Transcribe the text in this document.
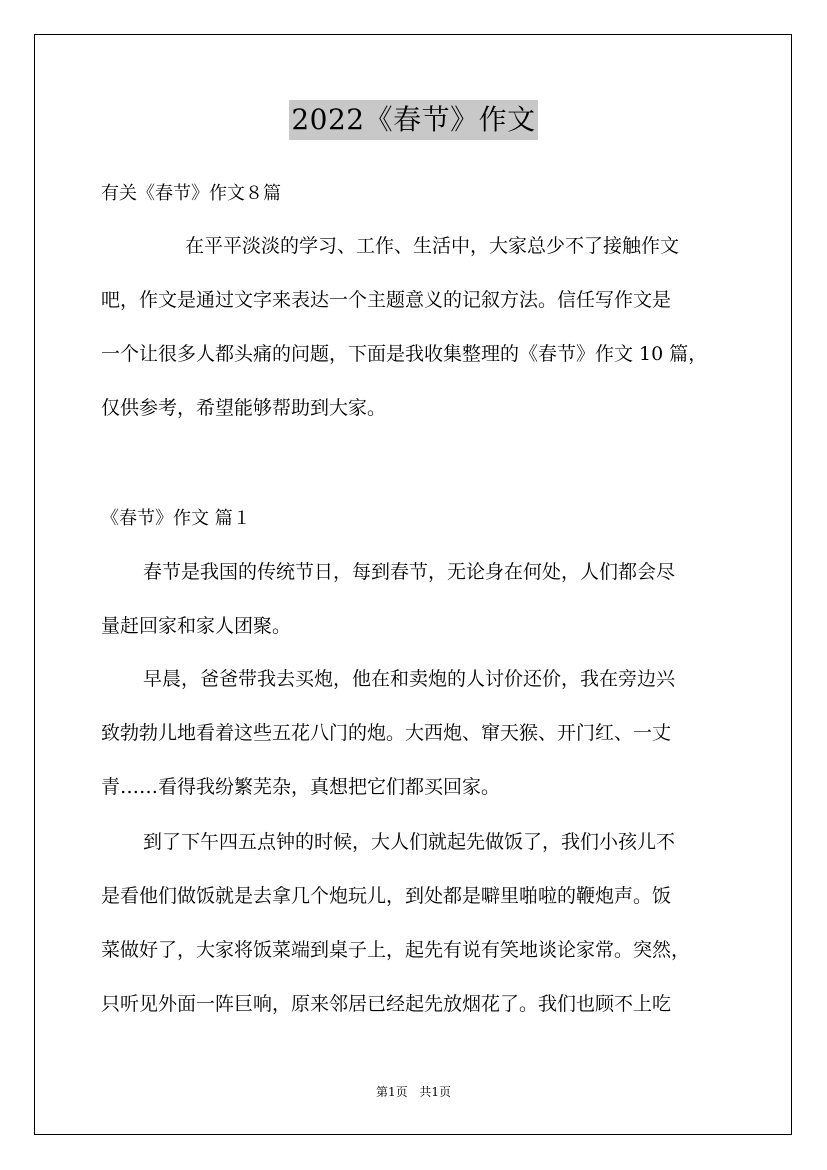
2022《春节》作文
有关《春节》作文８篇
在平平淡淡的学习、工作、生活中，大家总少不了接触作文
吧，作文是通过文字来表达一个主题意义的记叙方法。信任写作文是
一个让很多人都头痛的问题，下面是我收集整理的《春节》作文 10 篇，
仅供参考，希望能够帮助到大家。
《春节》作文 篇１
春节是我国的传统节日，每到春节，无论身在何处，人们都会尽
量赶回家和家人团聚。
早晨，爸爸带我去买炮，他在和卖炮的人讨价还价，我在旁边兴
致勃勃儿地看着这些五花八门的炮。大西炮、窜天猴、开门红、一丈
青……看得我纷繁芜杂，真想把它们都买回家。
到了下午四五点钟的时候，大人们就起先做饭了，我们小孩儿不
是看他们做饭就是去拿几个炮玩儿，到处都是噼里啪啦的鞭炮声。饭
菜做好了，大家将饭菜端到桌子上，起先有说有笑地谈论家常。突然，
只听见外面一阵巨响，原来邻居已经起先放烟花了。我们也顾不上吃
第1页 共1页
